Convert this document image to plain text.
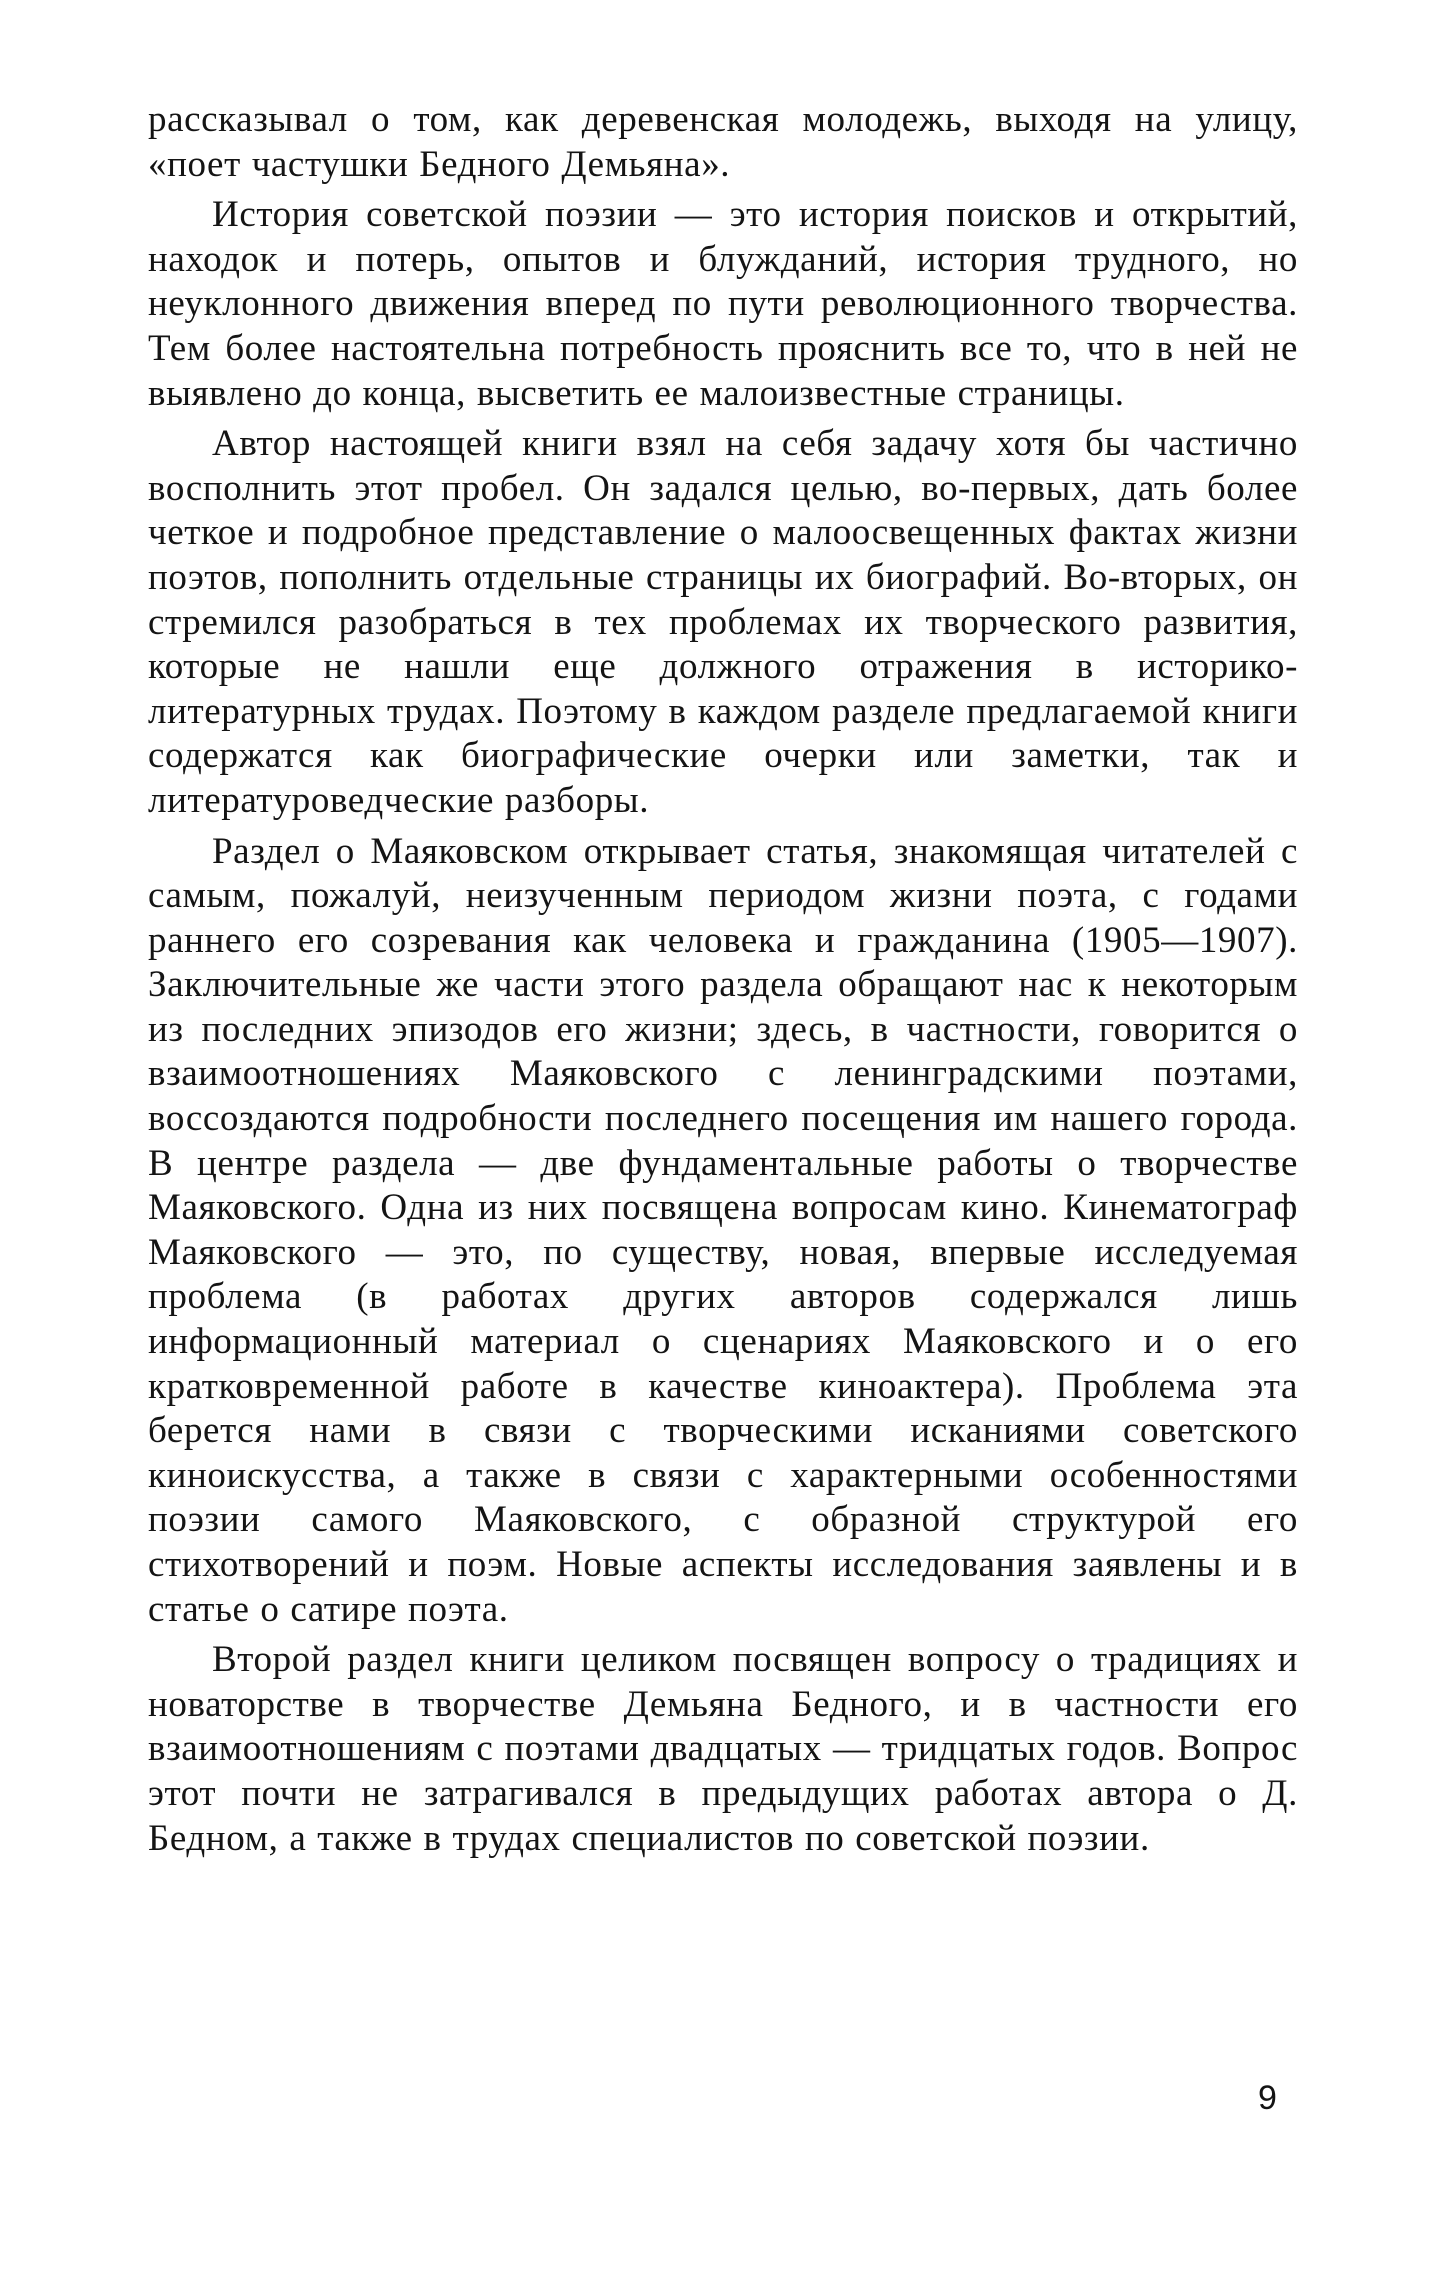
рассказывал о том, как деревенская молодежь, выходя на улицу, «поет частушки Бедного Демьяна».

История советской поэзии — это история поисков и открытий, находок и потерь, опытов и блужданий, история трудного, но неуклонного движения вперед по пути революционного творчества. Тем более настоятельна потребность прояснить все то, что в ней не выявлено до конца, высветить ее малоизвестные страницы.

Автор настоящей книги взял на себя задачу хотя бы частично восполнить этот пробел. Он задался целью, во-первых, дать более четкое и подробное представление о малоосвещенных фактах жизни поэтов, пополнить отдельные страницы их биографий. Во-вторых, он стремился разобраться в тех проблемах их творческого развития, которые не нашли еще должного отражения в историко-литературных трудах. Поэтому в каждом разделе предлагаемой книги содержатся как биографические очерки или заметки, так и литературоведческие разборы.

Раздел о Маяковском открывает статья, знакомящая читателей с самым, пожалуй, неизученным периодом жизни поэта, с годами раннего его созревания как человека и гражданина (1905—1907). Заключительные же части этого раздела обращают нас к некоторым из последних эпизодов его жизни; здесь, в частности, говорится о взаимоотношениях Маяковского с ленинградскими поэтами, воссоздаются подробности последнего посещения им нашего города. В центре раздела — две фундаментальные работы о творчестве Маяковского. Одна из них посвящена вопросам кино. Кинематограф Маяковского — это, по существу, новая, впервые исследуемая проблема (в работах других авторов содержался лишь информационный материал о сценариях Маяковского и о его кратковременной работе в качестве киноактера). Проблема эта берется нами в связи с творческими исканиями советского киноискусства, а также в связи с характерными особенностями поэзии самого Маяковского, с образной структурой его стихотворений и поэм. Новые аспекты исследования заявлены и в статье о сатире поэта.

Второй раздел книги целиком посвящен вопросу о традициях и новаторстве в творчестве Демьяна Бедного, и в частности его взаимоотношениям с поэтами двадцатых — тридцатых годов. Вопрос этот почти не затрагивался в предыдущих работах автора о Д. Бедном, а также в трудах специалистов по советской поэзии.

9
